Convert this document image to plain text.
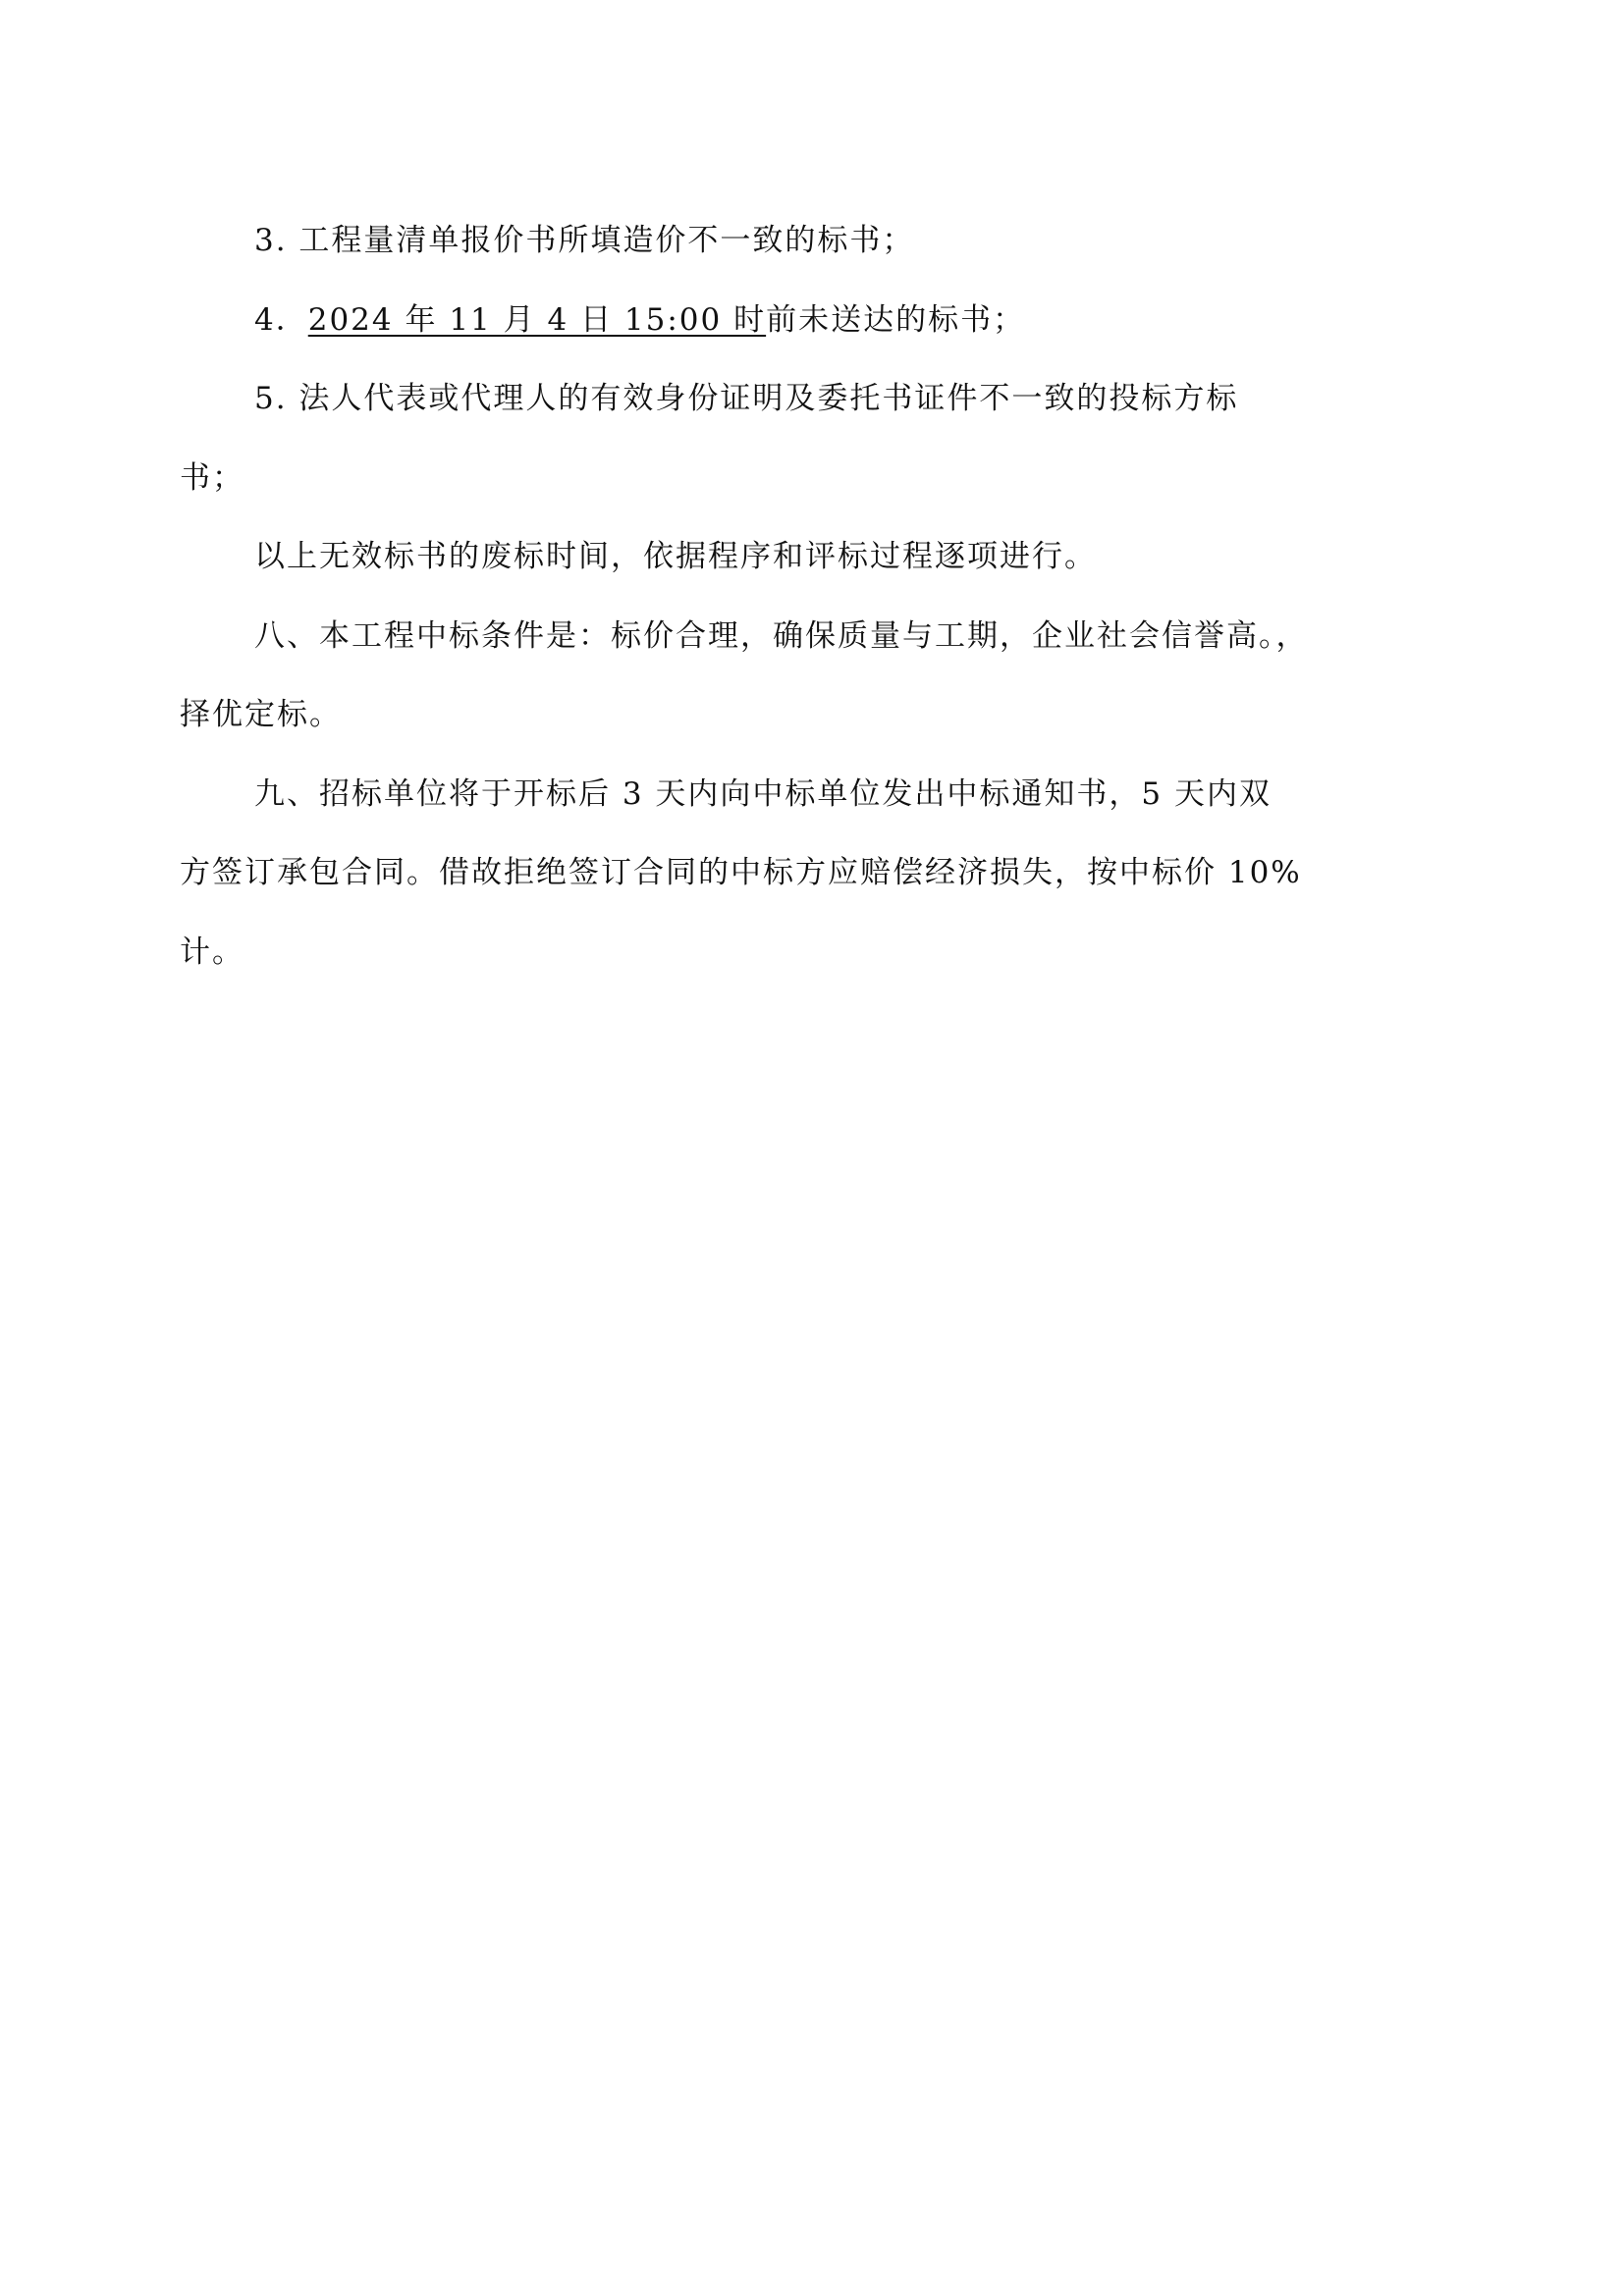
3. 工程量清单报价书所填造价不一致的标书；

4．2024 年 11 月 4 日 15:00 时前未送达的标书；

5. 法人代表或代理人的有效身份证明及委托书证件不一致的投标方标

书；

以上无效标书的废标时间，依据程序和评标过程逐项进行。

八、本工程中标条件是：标价合理，确保质量与工期，企业社会信誉高。，

择优定标。

九、招标单位将于开标后 3 天内向中标单位发出中标通知书，5 天内双

方签订承包合同。借故拒绝签订合同的中标方应赔偿经济损失，按中标价 10%

计。
